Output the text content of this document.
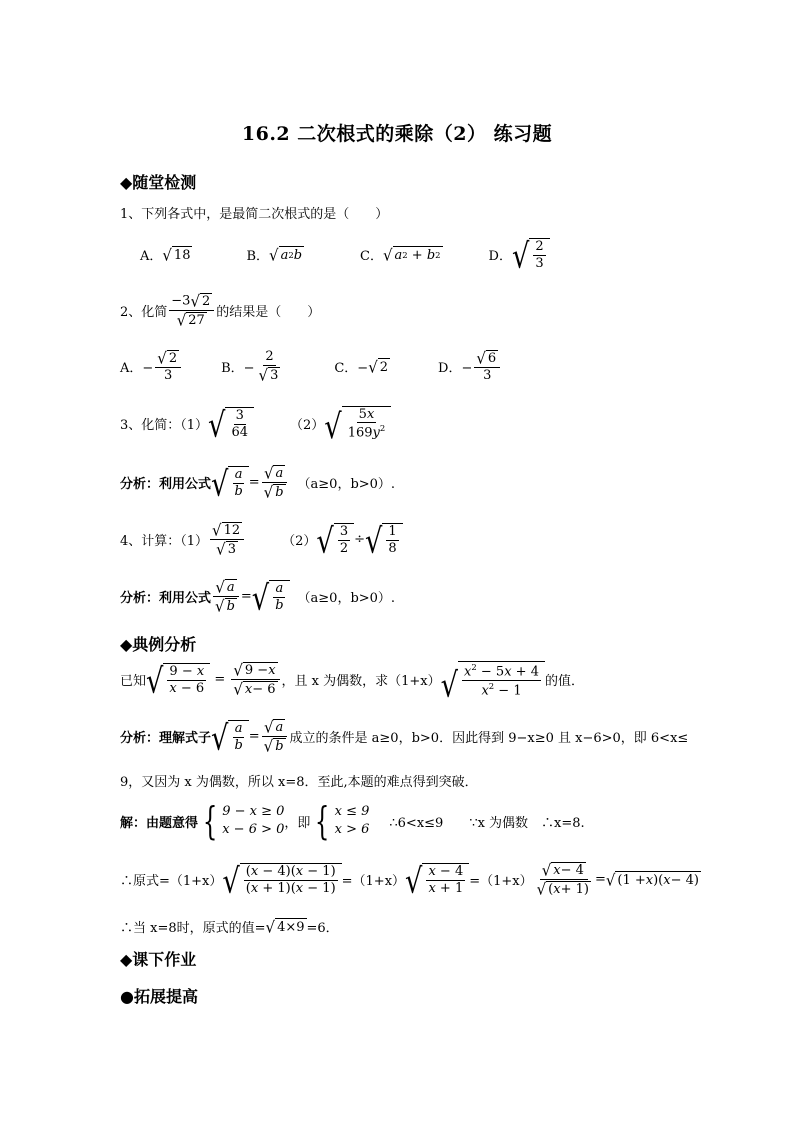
16.2 二次根式的乘除（2） 练习题
◆随堂检测
1、下列各式中，是最简二次根式的是（　　）
A． √ 18	B． √ a 2 b	C． √ a 2 + b 2	D． √ $\frac{2}{3}$
2、化简 $\frac{-3 √ 2}{√ 27}$ 的结果是（　　）
A．− $\frac{√ 2}{3}$	B．− $\frac{2}{√ 3}$	C．− √ 2	D．− $\frac{√ 6}{3}$
3、化简：（1） √ $\frac{3}{64}$	（2） √ $\frac{5x}{169y^2}$
分析 ：利用公式 √ $\frac{a}{b} = \frac{√ a}{√ b} (a\ge 0$，b>0）.
4、计算：$(1) \frac{√ 12}{√ 3}$	（2） √ $\frac{3}{2}$ ÷ √ $\frac{1}{8}$
分析 ：利用公式 $\frac{√ a}{√ b}$ = √ $\frac{a}{b} (a\ge 0$，b>0）.
◆典例分析
已知 √ $\frac{9 - x}{x - 6} = \frac{√ 9 - x}{√ x - 6}$ ，且 x 为偶数，求（1+x） √ $\frac{x^2 - 5x + 4}{x^2 - 1}$ 的值．
分析 ：理解式子 √ $\frac{a}{b} = \frac{√ a}{√ b}$ 成立的条件是 a≥0，b>0．因此得到 9−x≥0 且 x−6>0，即 6<x≤
9，又因为 x 为偶数，所以 x=8．至此,本题的难点得到突破．
解 ：由题意得 { 9 − x ≥ 0
x − 6 > 0 ，即 { x ≤ 9
x > 6 ∴6<x≤9　　∵x 为偶数　∴x=8.
∴原式=（1+x） √ $\frac{(x - 4)(x - 1)}{(x + 1)(x - 1)} =(1+x)$ √ $\frac{x - 4}{x + 1} =(1+x) \frac{√ x - 4}{√ ( x + 1)}$ = √ (1 + x )( x − 4)
∴当 x=8时，原式的值= √ 4×9 =6．
◆课下作业
●拓展提高
